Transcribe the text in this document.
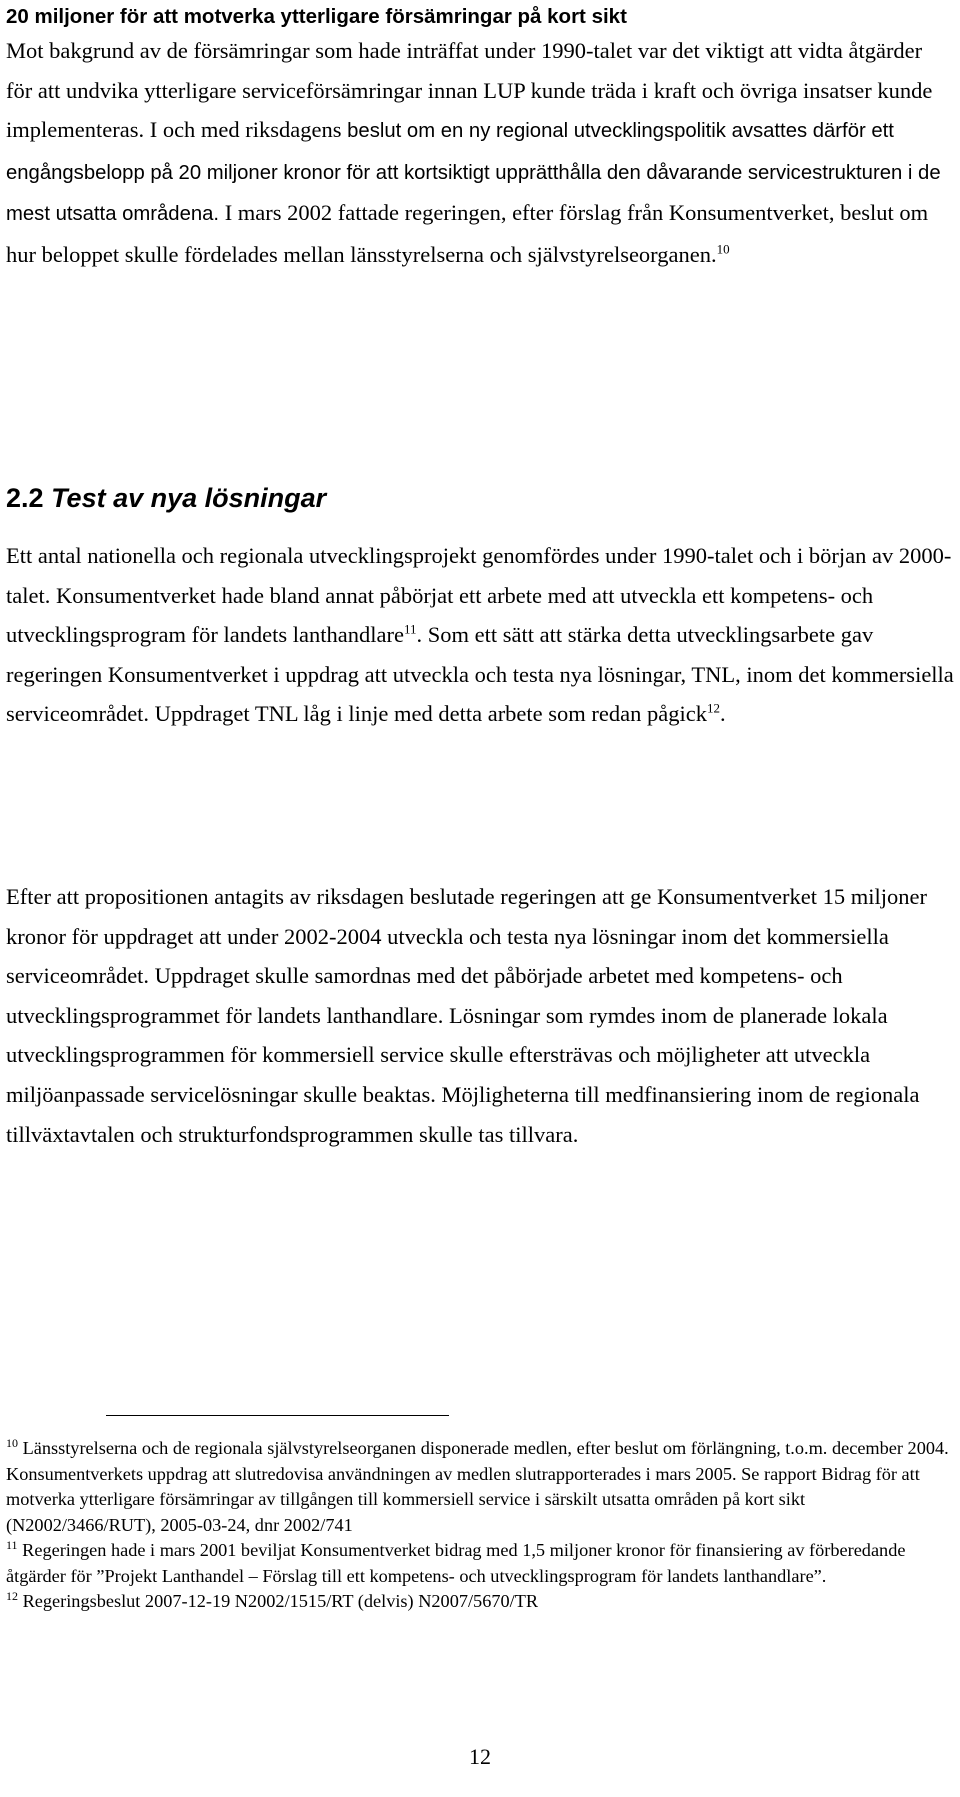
20 miljoner för att motverka ytterligare försämringar på kort sikt

Mot bakgrund av de försämringar som hade inträffat under 1990-talet var det viktigt att vidta åtgärder för att undvika ytterligare serviceförsämringar innan LUP kunde träda i kraft och övriga insatser kunde implementeras. I och med riksdagens beslut om en ny regional utvecklingspolitik avsattes därför ett engångsbelopp på 20 miljoner kronor för att kortsiktigt upprätthålla den dåvarande servicestrukturen i de mest utsatta områdena. I mars 2002 fattade regeringen, efter förslag från Konsumentverket, beslut om hur beloppet skulle fördelades mellan länsstyrelserna och självstyrelseorganen.$^{10}$

2.2 Test av nya lösningar

Ett antal nationella och regionala utvecklingsprojekt genomfördes under 1990-talet och i början av 2000-talet. Konsumentverket hade bland annat påbörjat ett arbete med att utveckla ett kompetens- och utvecklingsprogram för landets lanthandlare$^{11}$. Som ett sätt att stärka detta utvecklingsarbete gav regeringen Konsumentverket i uppdrag att utveckla och testa nya lösningar, TNL, inom det kommersiella serviceområdet. Uppdraget TNL låg i linje med detta arbete som redan pågick$^{12}$.

Efter att propositionen antagits av riksdagen beslutade regeringen att ge Konsumentverket 15 miljoner kronor för uppdraget att under 2002-2004 utveckla och testa nya lösningar inom det kommersiella serviceområdet. Uppdraget skulle samordnas med det påbörjade arbetet med kompetens- och utvecklingsprogrammet för landets lanthandlare. Lösningar som rymdes inom de planerade lokala utvecklingsprogrammen för kommersiell service skulle eftersträvas och möjligheter att utveckla miljöanpassade servicelösningar skulle beaktas. Möjligheterna till medfinansiering inom de regionala tillväxtavtalen och strukturfondsprogrammen skulle tas tillvara.

$^{10}$ Länsstyrelserna och de regionala självstyrelseorganen disponerade medlen, efter beslut om förlängning, t.o.m. december 2004. Konsumentverkets uppdrag att slutredovisa användningen av medlen slutrapporterades i mars 2005. Se rapport Bidrag för att motverka ytterligare försämringar av tillgången till kommersiell service i särskilt utsatta områden på kort sikt (N2002/3466/RUT), 2005-03-24, dnr 2002/741

$^{11}$ Regeringen hade i mars 2001 beviljat Konsumentverket bidrag med 1,5 miljoner kronor för finansiering av förberedande åtgärder för ”Projekt Lanthandel – Förslag till ett kompetens- och utvecklingsprogram för landets lanthandlare”.

$^{12}$ Regeringsbeslut 2007-12-19 N2002/1515/RT (delvis) N2007/5670/TR

12
